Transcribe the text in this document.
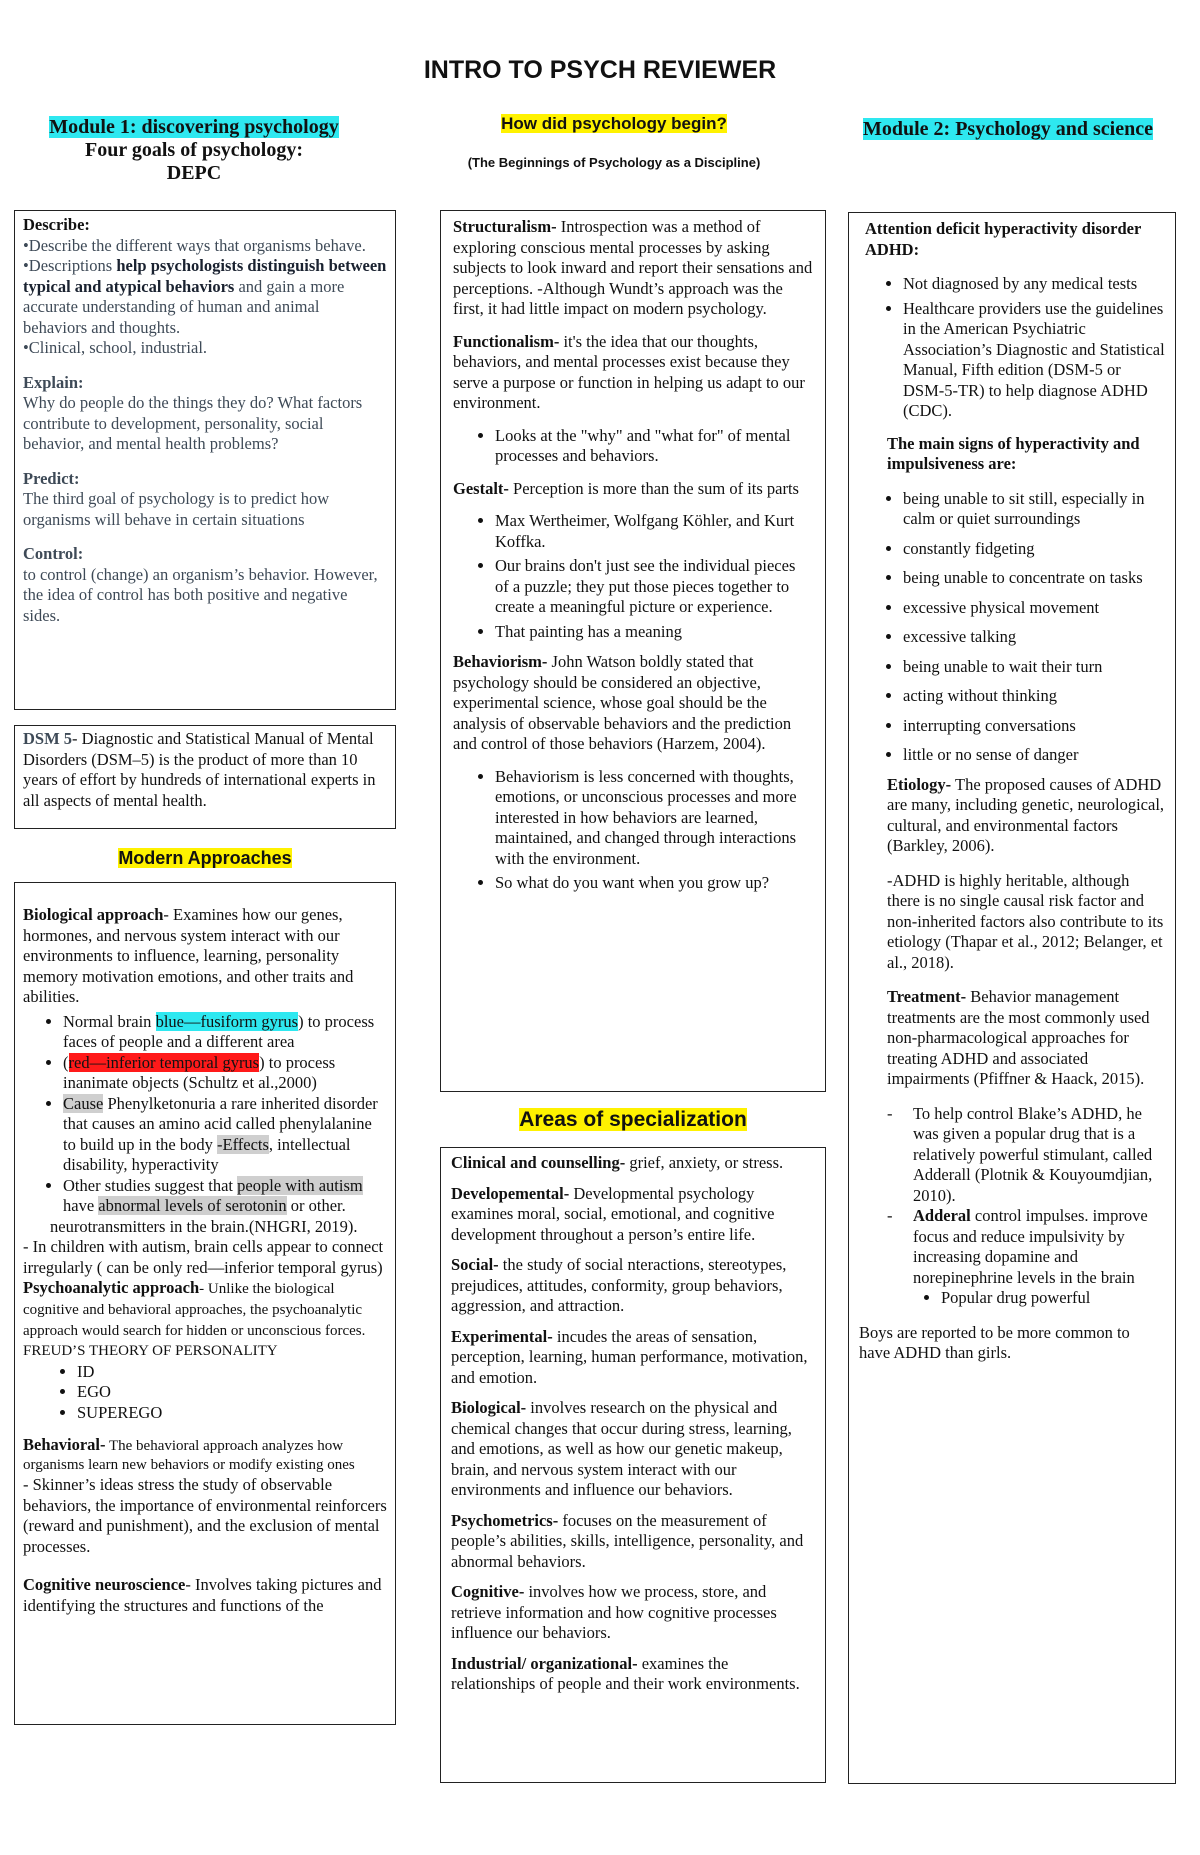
INTRO TO PSYCH REVIEWER
Module 1: discovering psychology
Four goals of psychology:
DEPC

Describe:

•Describe the different ways that organisms behave.

•Descriptions help psychologists distinguish between typical and atypical behaviors and gain a more accurate understanding of human and animal behaviors and thoughts.

•Clinical, school, industrial.

Explain:

Why do people do the things they do? What factors contribute to development, personality, social behavior, and mental health problems?

Predict:

The third goal of psychology is to predict how organisms will behave in certain situations

Control:

to control (change) an organism’s behavior. However, the idea of control has both positive and negative sides.

DSM 5- Diagnostic and Statistical Manual of Mental Disorders (DSM–5) is the product of more than 10 years of effort by hundreds of international experts in all aspects of mental health.

Modern Approaches

Biological approach- Examines how our genes, hormones, and nervous system interact with our environments to influence, learning, personality memory motivation emotions, and other traits and abilities.

• Normal brain blue—fusiform gyrus) to process faces of people and a different area
• (red—inferior temporal gyrus) to process inanimate objects (Schultz et al.,2000)
• Cause Phenylketonuria a rare inherited disorder that causes an amino acid called phenylalanine to build up in the body -Effects, intellectual disability, hyperactivity
• Other studies suggest that people with autism have abnormal levels of serotonin or other.

neurotransmitters in the brain.(NHGRI, 2019).

- In children with autism, brain cells appear to connect irregularly ( can be only red—inferior temporal gyrus)

Psychoanalytic approach- Unlike the biological cognitive and behavioral approaches, the psychoanalytic approach would search for hidden or unconscious forces.

FREUD’S THEORY OF PERSONALITY

• ID
• EGO
• SUPEREGO

Behavioral- The behavioral approach analyzes how organisms learn new behaviors or modify existing ones

- Skinner’s ideas stress the study of observable behaviors, the importance of environmental reinforcers (reward and punishment), and the exclusion of mental processes.

Cognitive neuroscience- Involves taking pictures and identifying the structures and functions of the

How did psychology begin?
(The Beginnings of Psychology as a Discipline)

Structuralism- Introspection was a method of exploring conscious mental processes by asking subjects to look inward and report their sensations and perceptions. -Although Wundt’s approach was the first, it had little impact on modern psychology.

Functionalism- it's the idea that our thoughts, behaviors, and mental processes exist because they serve a purpose or function in helping us adapt to our environment.

• Looks at the "why" and "what for" of mental processes and behaviors.

Gestalt- Perception is more than the sum of its parts

• Max Wertheimer, Wolfgang Köhler, and Kurt Koffka.
• Our brains don't just see the individual pieces of a puzzle; they put those pieces together to create a meaningful picture or experience.
• That painting has a meaning

Behaviorism- John Watson boldly stated that psychology should be considered an objective, experimental science, whose goal should be the analysis of observable behaviors and the prediction and control of those behaviors (Harzem, 2004).

• Behaviorism is less concerned with thoughts, emotions, or unconscious processes and more interested in how behaviors are learned, maintained, and changed through interactions with the environment.
• So what do you want when you grow up?
Areas of specialization

Clinical and counselling- grief, anxiety, or stress.

Developemental- Developmental psychology examines moral, social, emotional, and cognitive development throughout a person’s entire life.

Social- the study of social nteractions, stereotypes, prejudices, attitudes, conformity, group behaviors, aggression, and attraction.

Experimental- incudes the areas of sensation, perception, learning, human performance, motivation, and emotion.

Biological- involves research on the physical and chemical changes that occur during stress, learning, and emotions, as well as how our genetic makeup, brain, and nervous system interact with our environments and influence our behaviors.

Psychometrics- focuses on the measurement of people’s abilities, skills, intelligence, personality, and abnormal behaviors.

Cognitive- involves how we process, store, and retrieve information and how cognitive processes influence our behaviors.

Industrial/ organizational- examines the relationships of people and their work environments.

Module 2: Psychology and science

Attention deficit hyperactivity disorder ADHD:

• Not diagnosed by any medical tests
• Healthcare providers use the guidelines in the American Psychiatric Association’s Diagnostic and Statistical Manual, Fifth edition (DSM-5 or DSM-5-TR) to help diagnose ADHD (CDC).

The main signs of hyperactivity and impulsiveness are:

• being unable to sit still, especially in calm or quiet surroundings
• constantly fidgeting
• being unable to concentrate on tasks
• excessive physical movement
• excessive talking
• being unable to wait their turn
• acting without thinking
• interrupting conversations
• little or no sense of danger

Etiology- The proposed causes of ADHD are many, including genetic, neurological, cultural, and environmental factors (Barkley, 2006).

-ADHD is highly heritable, although there is no single causal risk factor and non-inherited factors also contribute to its etiology (Thapar et al., 2012; Belanger, et al., 2018).

Treatment- Behavior management treatments are the most commonly used non-pharmacological approaches for treating ADHD and associated impairments (Pfiffner & Haack, 2015).

- To help control Blake’s ADHD, he was given a popular drug that is a relatively powerful stimulant, called Adderall (Plotnik & Kouyoumdjian, 2010).
- Adderal control impulses. improve focus and reduce impulsivity by increasing dopamine and norepinephrine levels in the brain
• Popular drug powerful

Boys are reported to be more common to have ADHD than girls.
